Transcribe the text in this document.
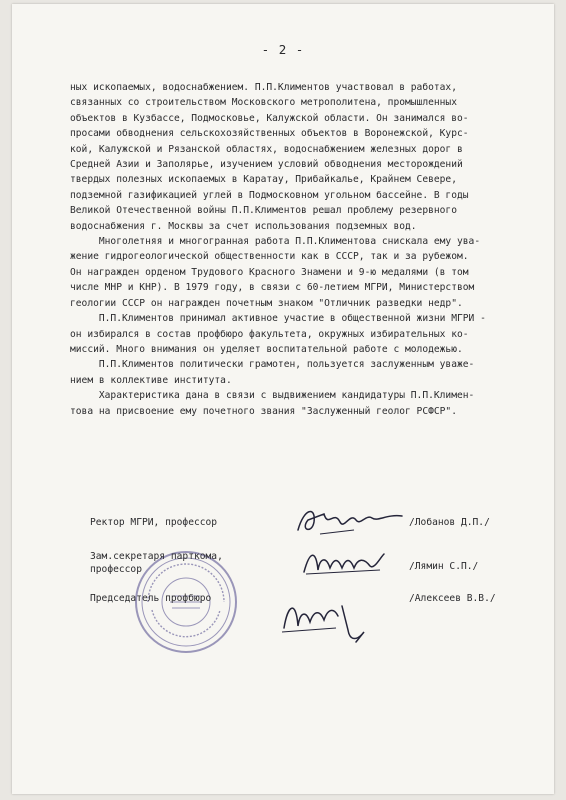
- 2 -
ных ископаемых, водоснабжением. П.П.Климентов участвовал в работах,
связанных со строительством Московского метрополитена, промышленных
объектов в Кузбассе, Подмосковье, Калужской области. Он занимался во-
просами обводнения сельскохозяйственных объектов в Воронежской, Курс-
кой, Калужской и Рязанской областях, водоснабжением железных дорог в
Средней Азии и Заполярье, изучением условий обводнения месторождений
твердых полезных ископаемых в Каратау, Прибайкалье, Крайнем Севере,
подземной газификацией углей в Подмосковном угольном бассейне. В годы
Великой Отечественной войны П.П.Климентов решал проблему резервного
водоснабжения г. Москвы за счет использования подземных вод.
Многолетняя и многогранная работа П.П.Климентова снискала ему ува-
жение гидрогеологической общественности как в СССР, так и за рубежом.
Он награжден орденом Трудового Красного Знамени и 9-ю медалями (в том
числе МНР и КНР). В 1979 году, в связи с 60-летием МГРИ, Министерством
геологии СССР он награжден почетным знаком "Отличник разведки недр".
П.П.Климентов принимал активное участие в общественной жизни МГРИ -
он избирался в состав профбюро факультета, окружных избирательных ко-
миссий. Много внимания он уделяет воспитательной работе с молодежью.
П.П.Климентов политически грамотен, пользуется заслуженным уваже-
нием в коллективе института.
Характеристика дана в связи с выдвижением кандидатуры П.П.Климен-
това на присвоение ему почетного звания "Заслуженный геолог РСФСР".
Ректор МГРИ, профессор	/Лобанов Д.П./
Зам.секретаря парткома,
профессор	/Лямин С.П./
Председатель профбюро	/Алексеев В.В./
